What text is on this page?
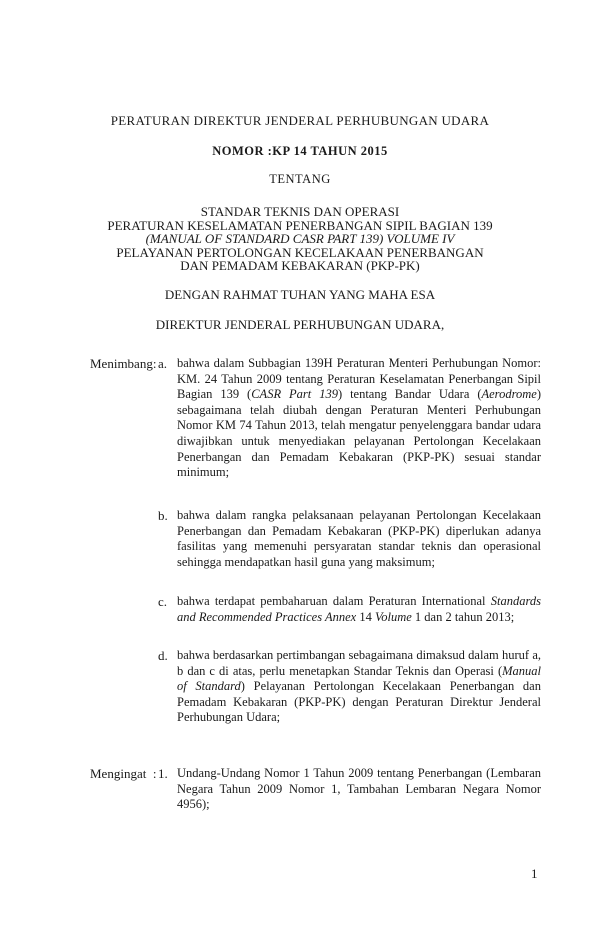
PERATURAN DIREKTUR JENDERAL PERHUBUNGAN UDARA
NOMOR :KP 14 TAHUN 2015
TENTANG
STANDAR TEKNIS DAN OPERASI
PERATURAN KESELAMATAN PENERBANGAN SIPIL BAGIAN 139
(MANUAL OF STANDARD CASR PART 139) VOLUME IV
PELAYANAN PERTOLONGAN KECELAKAAN PENERBANGAN
DAN PEMADAM KEBAKARAN (PKP-PK)
DENGAN RAHMAT TUHAN YANG MAHA ESA
DIREKTUR JENDERAL PERHUBUNGAN UDARA,
Menimbang: a. bahwa dalam Subbagian 139H Peraturan Menteri Perhubungan Nomor: KM. 24 Tahun 2009 tentang Peraturan Keselamatan Penerbangan Sipil Bagian 139 (CASR Part 139) tentang Bandar Udara (Aerodrome) sebagaimana telah diubah dengan Peraturan Menteri Perhubungan Nomor KM 74 Tahun 2013, telah mengatur penyelenggara bandar udara diwajibkan untuk menyediakan pelayanan Pertolongan Kecelakaan Penerbangan dan Pemadam Kebakaran (PKP-PK) sesuai standar minimum;
b. bahwa dalam rangka pelaksanaan pelayanan Pertolongan Kecelakaan Penerbangan dan Pemadam Kebakaran (PKP-PK) diperlukan adanya fasilitas yang memenuhi persyaratan standar teknis dan operasional sehingga mendapatkan hasil guna yang maksimum;
c. bahwa terdapat pembaharuan dalam Peraturan International Standards and Recommended Practices Annex 14 Volume 1 dan 2 tahun 2013;
d. bahwa berdasarkan pertimbangan sebagaimana dimaksud dalam huruf a, b dan c di atas, perlu menetapkan Standar Teknis dan Operasi (Manual of Standard) Pelayanan Pertolongan Kecelakaan Penerbangan dan Pemadam Kebakaran (PKP-PK) dengan Peraturan Direktur Jenderal Perhubungan Udara;
Mengingat : 1. Undang-Undang Nomor 1 Tahun 2009 tentang Penerbangan (Lembaran Negara Tahun 2009 Nomor 1, Tambahan Lembaran Negara Nomor 4956);
1
